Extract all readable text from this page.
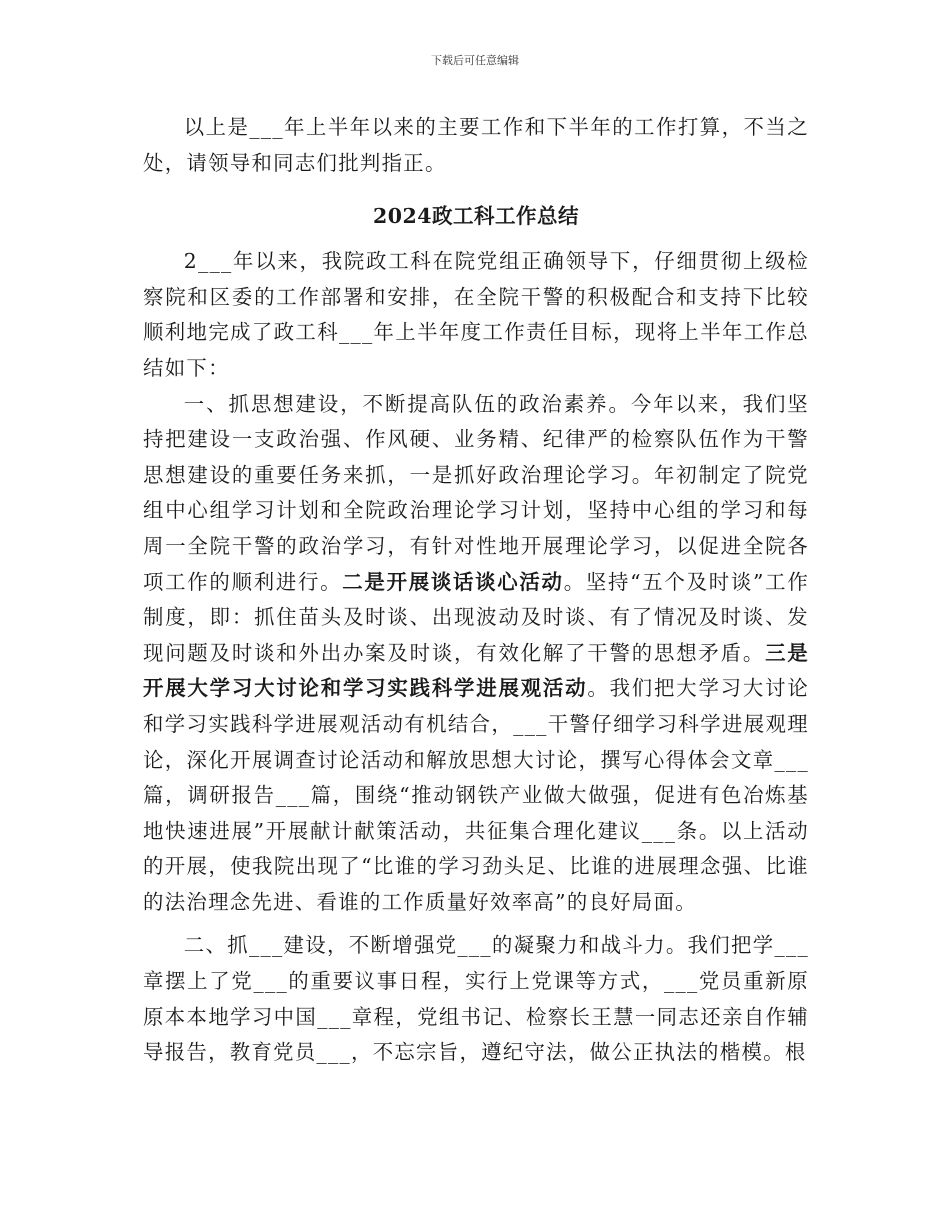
下载后可任意编辑

以上是___年上半年以来的主要工作和下半年的工作打算，不当之处，请领导和同志们批判指正。

2024政工科工作总结

2___年以来，我院政工科在院党组正确领导下，仔细贯彻上级检察院和区委的工作部署和安排，在全院干警的积极配合和支持下比较顺利地完成了政工科___年上半年度工作责任目标，现将上半年工作总结如下：

一、抓思想建设，不断提高队伍的政治素养。今年以来，我们坚持把建设一支政治强、作风硬、业务精、纪律严的检察队伍作为干警思想建设的重要任务来抓，一是抓好政治理论学习。年初制定了院党组中心组学习计划和全院政治理论学习计划，坚持中心组的学习和每周一全院干警的政治学习，有针对性地开展理论学习，以促进全院各项工作的顺利进行。二是开展谈话谈心活动。坚持“五个及时谈”工作制度，即：抓住苗头及时谈、出现波动及时谈、有了情况及时谈、发现问题及时谈和外出办案及时谈，有效化解了干警的思想矛盾。三是开展大学习大讨论和学习实践科学进展观活动。我们把大学习大讨论和学习实践科学进展观活动有机结合，___干警仔细学习科学进展观理论，深化开展调查讨论活动和解放思想大讨论，撰写心得体会文章___篇，调研报告___篇，围绕“推动钢铁产业做大做强，促进有色冶炼基地快速进展”开展献计献策活动，共征集合理化建议___条。以上活动的开展，使我院出现了“比谁的学习劲头足、比谁的进展理念强、比谁的法治理念先进、看谁的工作质量好效率高”的良好局面。

二、抓___建设，不断增强党___的凝聚力和战斗力。我们把学___章摆上了党___的重要议事日程，实行上党课等方式，___党员重新原原本本地学习中国___章程，党组书记、检察长王慧一同志还亲自作辅导报告，教育党员___，不忘宗旨，遵纪守法，做公正执法的楷模。根
